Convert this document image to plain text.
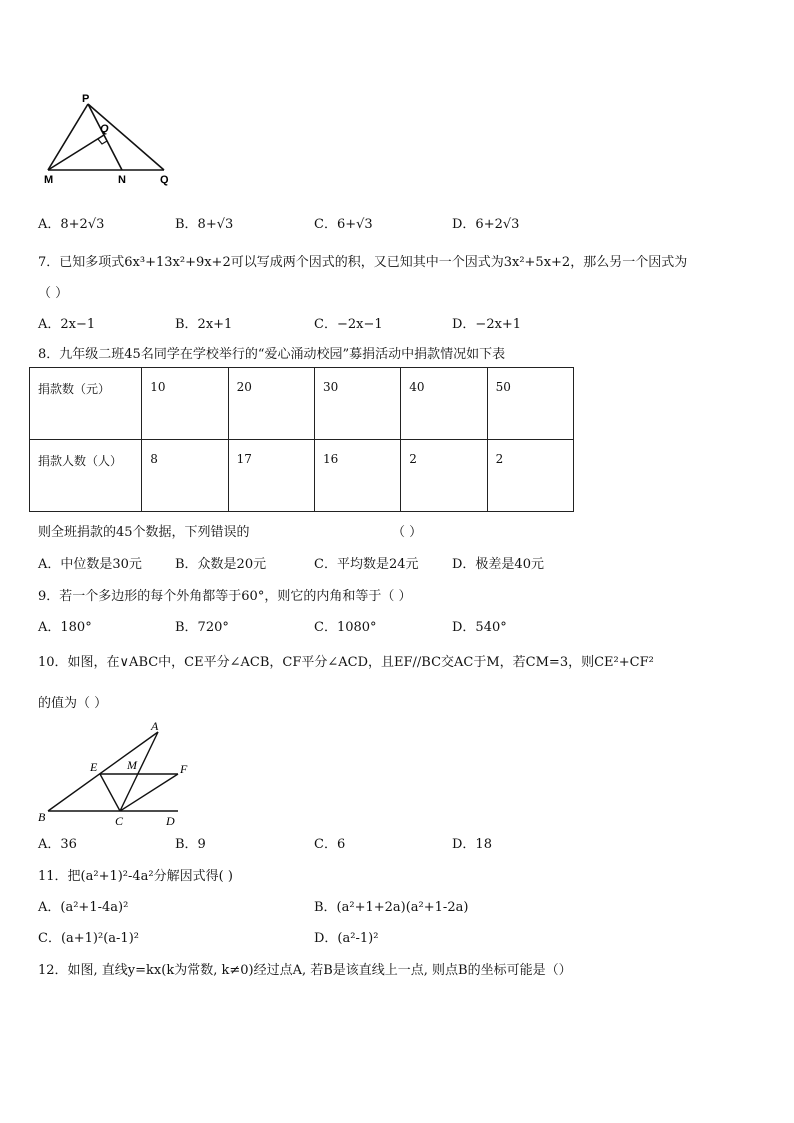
P
Q
M	N	Q
A．8+2√3	B．8+√3	C．6+√3	D．6+2√3
7．已知多项式6x³+13x²+9x+2可以写成两个因式的积，又已知其中一个因式为3x²+5x+2，那么另一个因式为
（ ）
A．2x−1	B．2x+1	C．−2x−1	D．−2x+1
8．九年级二班45名同学在学校举行的“爱心涌动校园”募捐活动中捐款情况如下表
捐款数（元）	10	20	30	40	50
捐款人数（人）	8	17	16	2	2
则全班捐款的45个数据，下列错误的	（ ）
A．中位数是30元	B．众数是20元	C．平均数是24元	D．极差是40元
9．若一个多边形的每个外角都等于60°，则它的内角和等于（ ）
A．180°	B．720°	C．1080°	D．540°
10．如图，在∨ABC中，CE平分∠ACB，CF平分∠ACD，且EF//BC交AC于M，若CM=3，则CE²+CF²
的值为（ ）
A
E M	F
B	C	D
A．36	B．9	C．6	D．18
11．把(a²+1)²-4a²分解因式得( )
A．(a²+1-4a)²	B．(a²+1+2a)(a²+1-2a)
C．(a+1)²(a-1)²	D．(a²-1)²
12．如图, 直线y=kx(k为常数, k≠0)经过点A, 若B是该直线上一点, 则点B的坐标可能是（）
